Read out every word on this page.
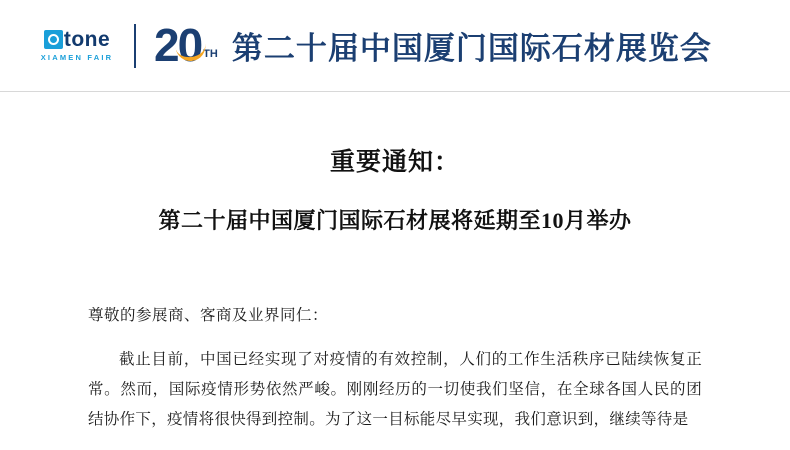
tone
XIAMEN FAIR 20 TH 第二十届中国厦门国际石材展览会
重要通知：
第二十届中国厦门国际石材展将延期至10月举办
尊敬的参展商、客商及业界同仁：
截止目前，中国已经实现了对疫情的有效控制，人们的工作生活秩序已陆续恢复正常。然而，国际疫情形势依然严峻。刚刚经历的一切使我们坚信，在全球各国人民的团结协作下，疫情将很快得到控制。为了这一目标能尽早实现，我们意识到，继续等待是
